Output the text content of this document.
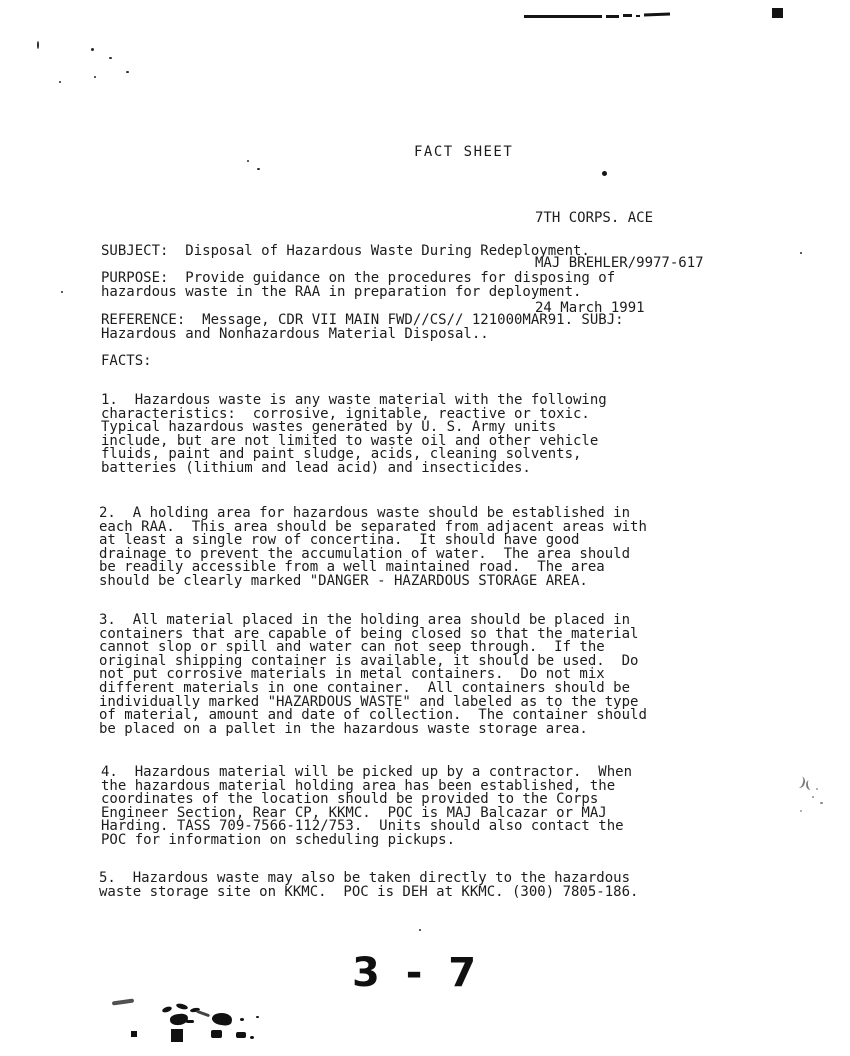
FACT SHEET

7TH CORPS. ACE

MAJ BREHLER/9977-617

24 March 1991

SUBJECT:  Disposal of Hazardous Waste During Redeployment.
PURPOSE:  Provide guidance on the procedures for disposing of
hazardous waste in the RAA in preparation for deployment.
REFERENCE:  Message, CDR VII MAIN FWD//CS// 121000MAR91. SUBJ:
Hazardous and Nonhazardous Material Disposal..
FACTS:
1.  Hazardous waste is any waste material with the following
characteristics:  corrosive, ignitable, reactive or toxic.
Typical hazardous wastes generated by U. S. Army units
include, but are not limited to waste oil and other vehicle
fluids, paint and paint sludge, acids, cleaning solvents,
batteries (lithium and lead acid) and insecticides.
2.  A holding area for hazardous waste should be established in
each RAA.  This area should be separated from adjacent areas with
at least a single row of concertina.  It should have good
drainage to prevent the accumulation of water.  The area should
be readily accessible from a well maintained road.  The area
should be clearly marked "DANGER - HAZARDOUS STORAGE AREA.
3.  All material placed in the holding area should be placed in
containers that are capable of being closed so that the material
cannot slop or spill and water can not seep through.  If the
original shipping container is available, it should be used.  Do
not put corrosive materials in metal containers.  Do not mix
different materials in one container.  All containers should be
individually marked "HAZARDOUS WASTE" and labeled as to the type
of material, amount and date of collection.  The container should
be placed on a pallet in the hazardous waste storage area.
4.  Hazardous material will be picked up by a contractor.  When
the hazardous material holding area has been established, the
coordinates of the location should be provided to the Corps
Engineer Section, Rear CP, KKMC.  POC is MAJ Balcazar or MAJ
Harding. TASS 709-7566-112/753.  Units should also contact the
POC for information on scheduling pickups.
5.  Hazardous waste may also be taken directly to the hazardous
waste storage site on KKMC.  POC is DEH at KKMC. (300) 7805-186.
3 - 7
